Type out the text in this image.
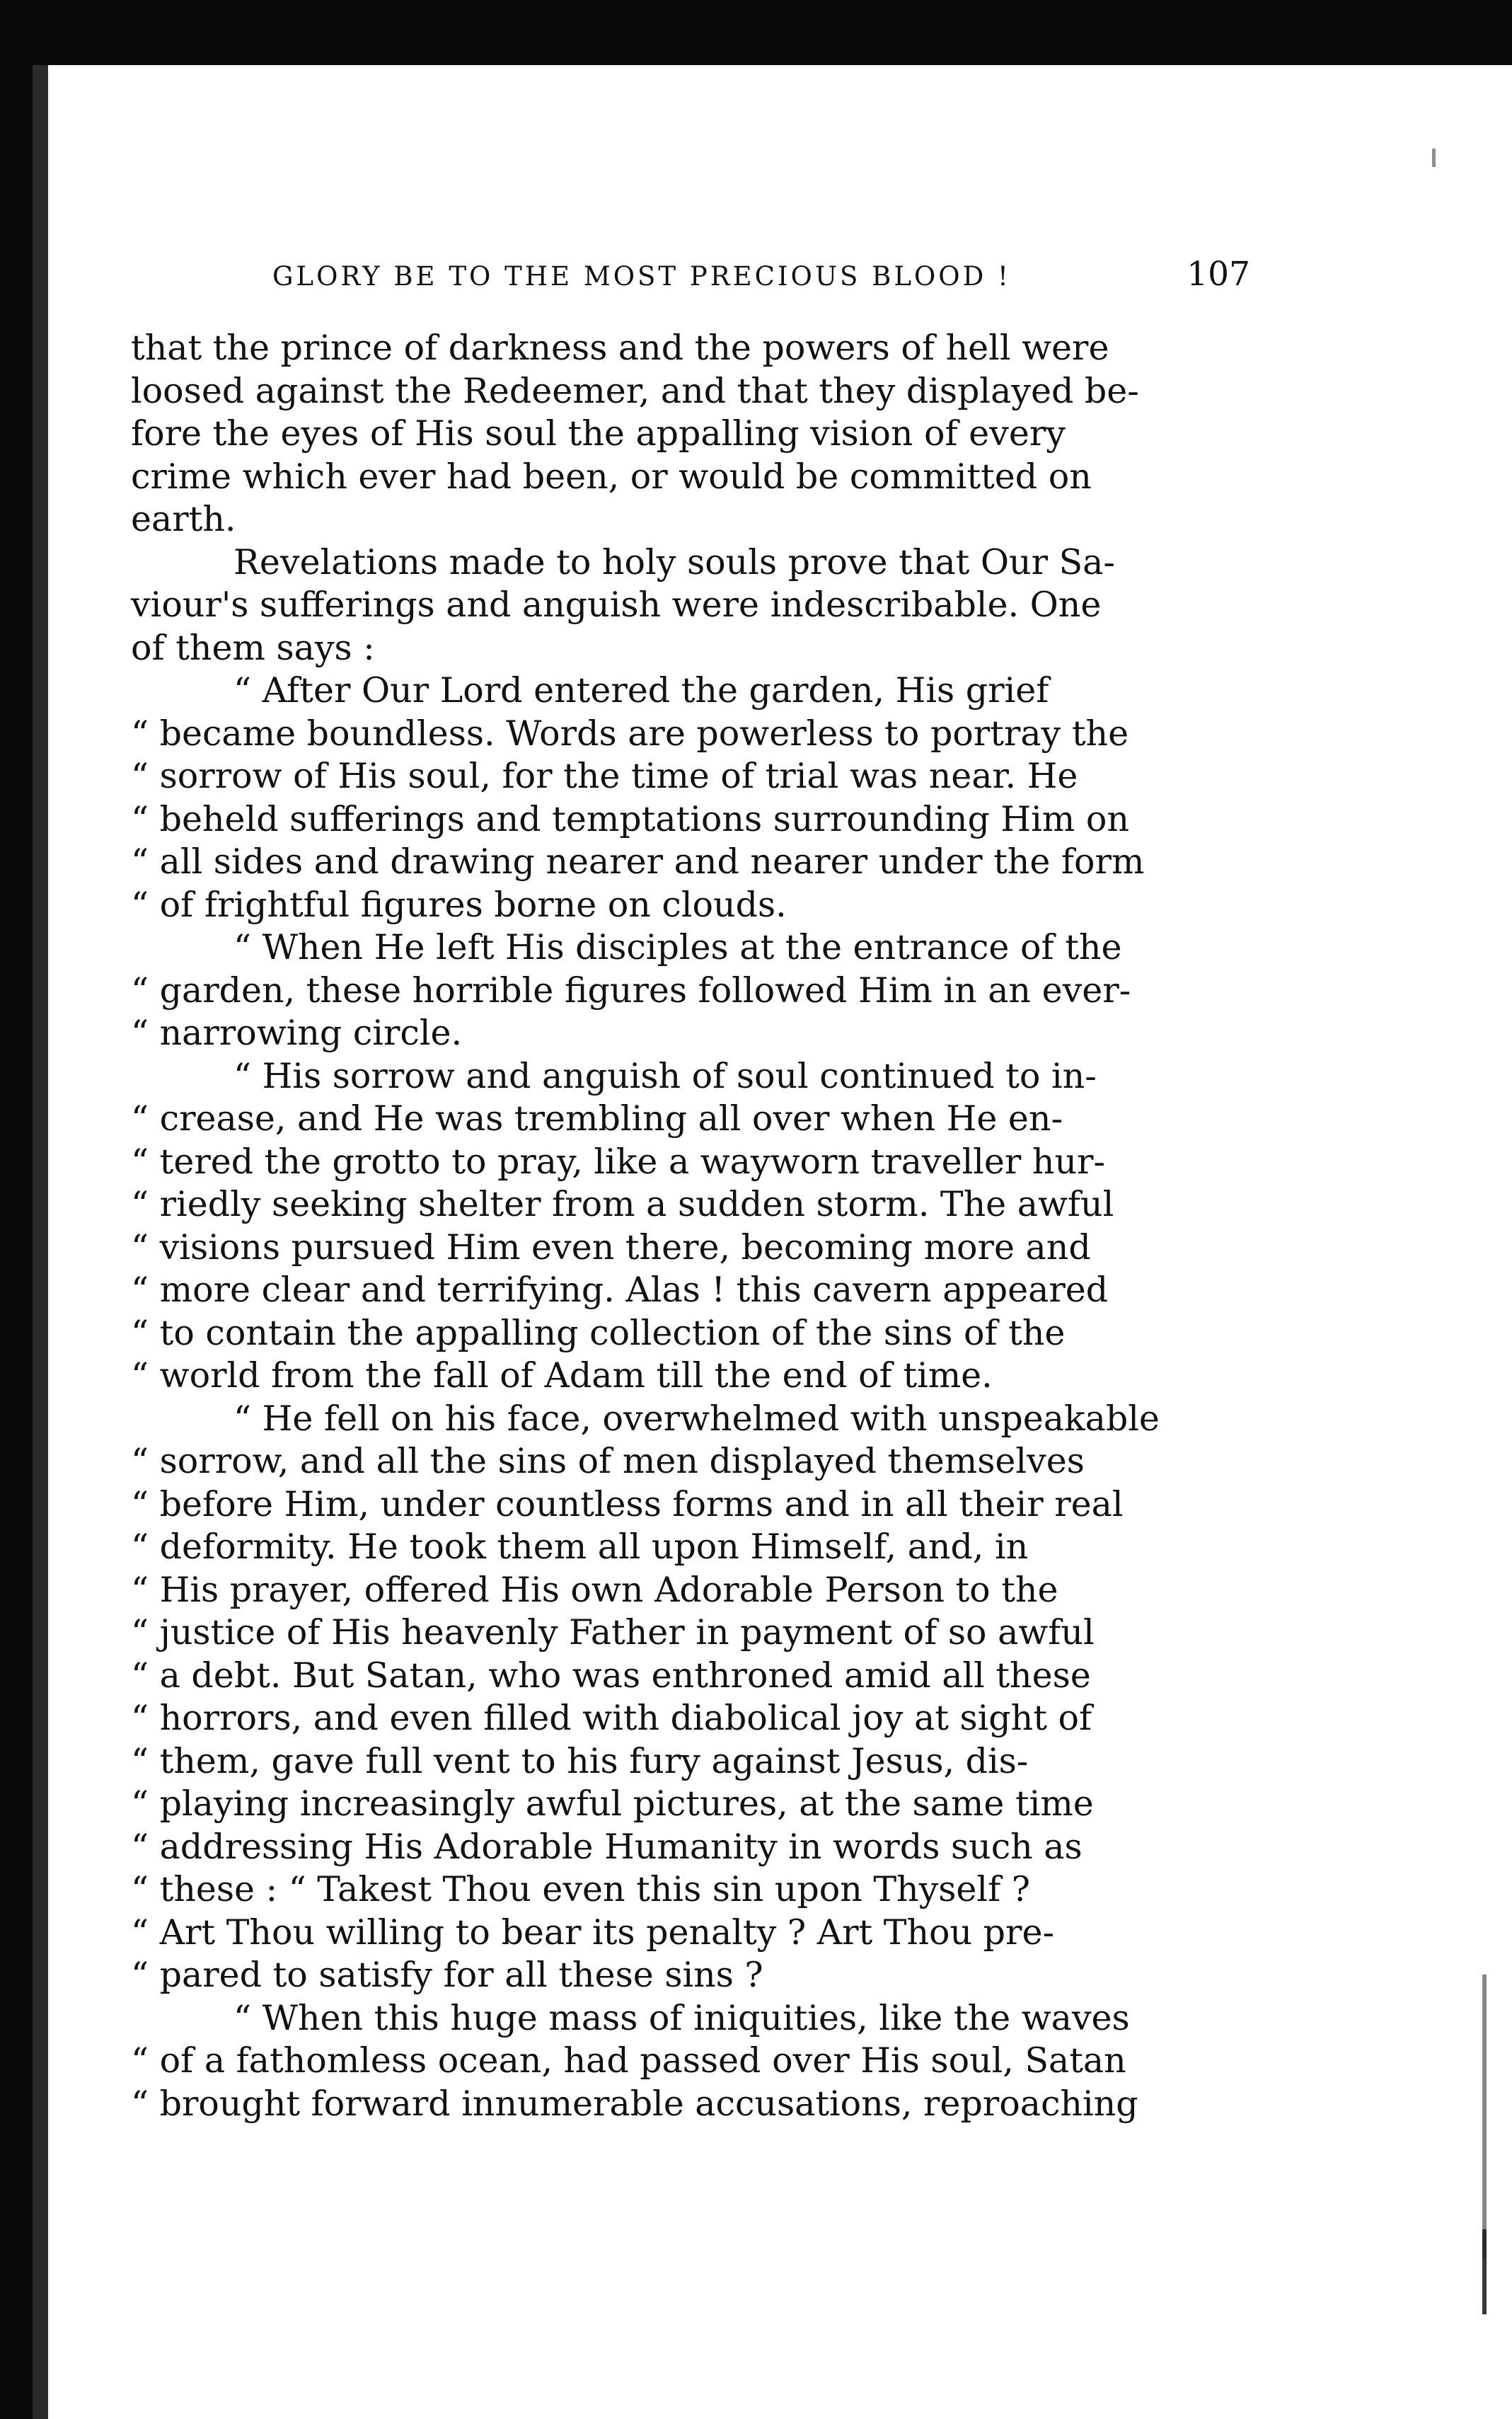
GLORY BE TO THE MOST PRECIOUS BLOOD !	107
that the prince of darkness and the powers of hell were
loosed against the Redeemer, and that they displayed be-
fore the eyes of His soul the appalling vision of every
crime which ever had been, or would be committed on
earth.
Revelations made to holy souls prove that Our Sa-
viour's sufferings and anguish were indescribable. One
of them says :
“ After Our Lord entered the garden, His grief
“ became boundless. Words are powerless to portray the
“ sorrow of His soul, for the time of trial was near. He
“ beheld sufferings and temptations surrounding Him on
“ all sides and drawing nearer and nearer under the form
“ of frightful figures borne on clouds.
“ When He left His disciples at the entrance of the
“ garden, these horrible figures followed Him in an ever-
“ narrowing circle.
“ His sorrow and anguish of soul continued to in-
“ crease, and He was trembling all over when He en-
“ tered the grotto to pray, like a wayworn traveller hur-
“ riedly seeking shelter from a sudden storm. The awful
“ visions pursued Him even there, becoming more and
“ more clear and terrifying. Alas ! this cavern appeared
“ to contain the appalling collection of the sins of the
“ world from the fall of Adam till the end of time.
“ He fell on his face, overwhelmed with unspeakable
“ sorrow, and all the sins of men displayed themselves
“ before Him, under countless forms and in all their real
“ deformity. He took them all upon Himself, and, in
“ His prayer, offered His own Adorable Person to the
“ justice of His heavenly Father in payment of so awful
“ a debt. But Satan, who was enthroned amid all these
“ horrors, and even filled with diabolical joy at sight of
“ them, gave full vent to his fury against Jesus, dis-
“ playing increasingly awful pictures, at the same time
“ addressing His Adorable Humanity in words such as
“ these : “ Takest Thou even this sin upon Thyself ?
“ Art Thou willing to bear its penalty ? Art Thou pre-
“ pared to satisfy for all these sins ?
“ When this huge mass of iniquities, like the waves
“ of a fathomless ocean, had passed over His soul, Satan
“ brought forward innumerable accusations, reproaching
